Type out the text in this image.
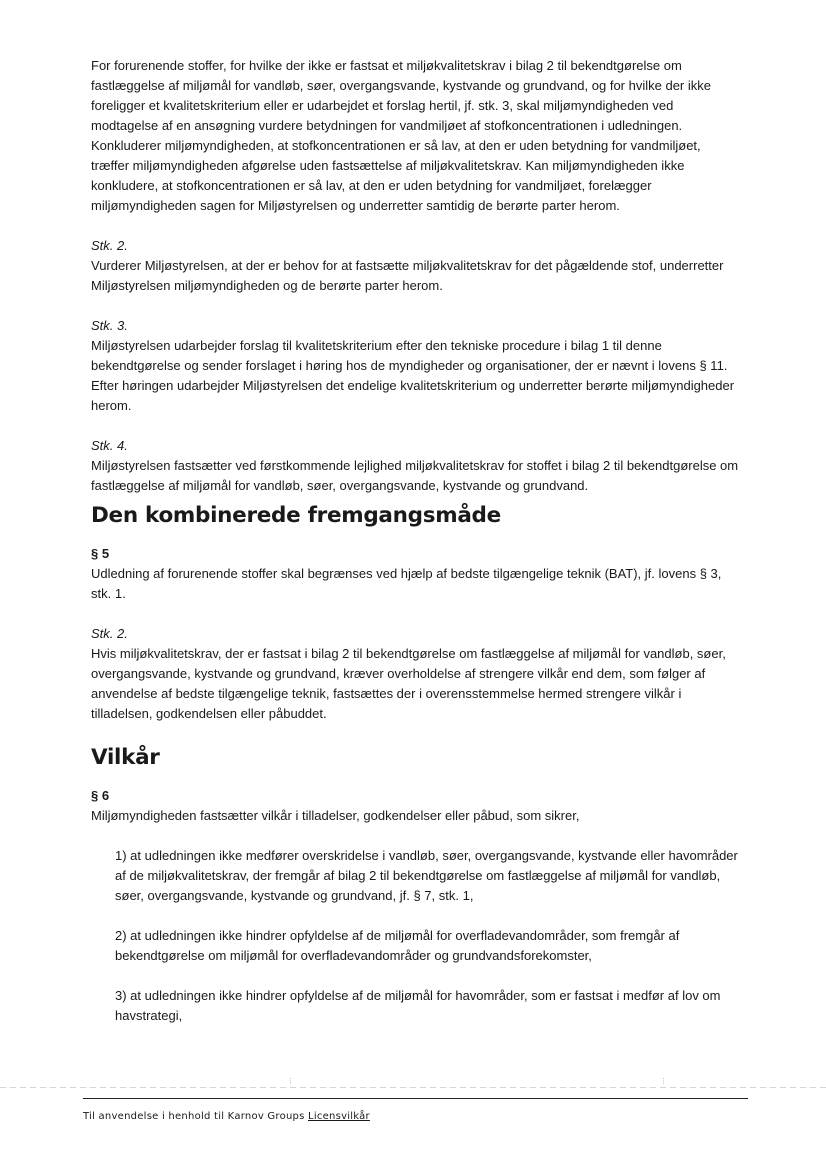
For forurenende stoffer, for hvilke der ikke er fastsat et miljøkvalitetskrav i bilag 2 til bekendtgørelse om fastlæggelse af miljømål for vandløb, søer, overgangsvande, kystvande og grundvand, og for hvilke der ikke foreligger et kvalitetskriterium eller er udarbejdet et forslag hertil, jf. stk. 3, skal miljømyndigheden ved modtagelse af en ansøgning vurdere betydningen for vandmiljøet af stofkoncentrationen i udledningen. Konkluderer miljømyndigheden, at stofkoncentrationen er så lav, at den er uden betydning for vandmiljøet, træffer miljømyndigheden afgørelse uden fastsættelse af miljøkvalitetskrav. Kan miljømyndigheden ikke konkludere, at stofkoncentrationen er så lav, at den er uden betydning for vandmiljøet, forelægger miljømyndigheden sagen for Miljøstyrelsen og underretter samtidig de berørte parter herom.

Stk. 2.

Vurderer Miljøstyrelsen, at der er behov for at fastsætte miljøkvalitetskrav for det pågældende stof, underretter Miljøstyrelsen miljømyndigheden og de berørte parter herom.

Stk. 3.

Miljøstyrelsen udarbejder forslag til kvalitetskriterium efter den tekniske procedure i bilag 1 til denne bekendtgørelse og sender forslaget i høring hos de myndigheder og organisationer, der er nævnt i lovens § 11. Efter høringen udarbejder Miljøstyrelsen det endelige kvalitetskriterium og underretter berørte miljømyndigheder herom.

Stk. 4.

Miljøstyrelsen fastsætter ved førstkommende lejlighed miljøkvalitetskrav for stoffet i bilag 2 til bekendtgørelse om fastlæggelse af miljømål for vandløb, søer, overgangsvande, kystvande og grundvand.

Den kombinerede fremgangsmåde

§ 5

Udledning af forurenende stoffer skal begrænses ved hjælp af bedste tilgængelige teknik (BAT), jf. lovens § 3, stk. 1.

Stk. 2.

Hvis miljøkvalitetskrav, der er fastsat i bilag 2 til bekendtgørelse om fastlæggelse af miljømål for vandløb, søer, overgangsvande, kystvande og grundvand, kræver overholdelse af strengere vilkår end dem, som følger af anvendelse af bedste tilgængelige teknik, fastsættes der i overensstemmelse hermed strengere vilkår i tilladelsen, godkendelsen eller påbuddet.

Vilkår

§ 6

Miljømyndigheden fastsætter vilkår i tilladelser, godkendelser eller påbud, som sikrer,

1) at udledningen ikke medfører overskridelse i vandløb, søer, overgangsvande, kystvande eller havområder af de miljøkvalitetskrav, der fremgår af bilag 2 til bekendtgørelse om fastlæggelse af miljømål for vandløb, søer, overgangsvande, kystvande og grundvand, jf. § 7, stk. 1,

2) at udledningen ikke hindrer opfyldelse af de miljømål for overfladevandområder, som fremgår af bekendtgørelse om miljømål for overfladevandområder og grundvandsforekomster,

3) at udledningen ikke hindrer opfyldelse af de miljømål for havområder, som er fastsat i medfør af lov om havstrategi,

⋮	⋮
Til anvendelse i henhold til Karnov Groups Licensvilkår
